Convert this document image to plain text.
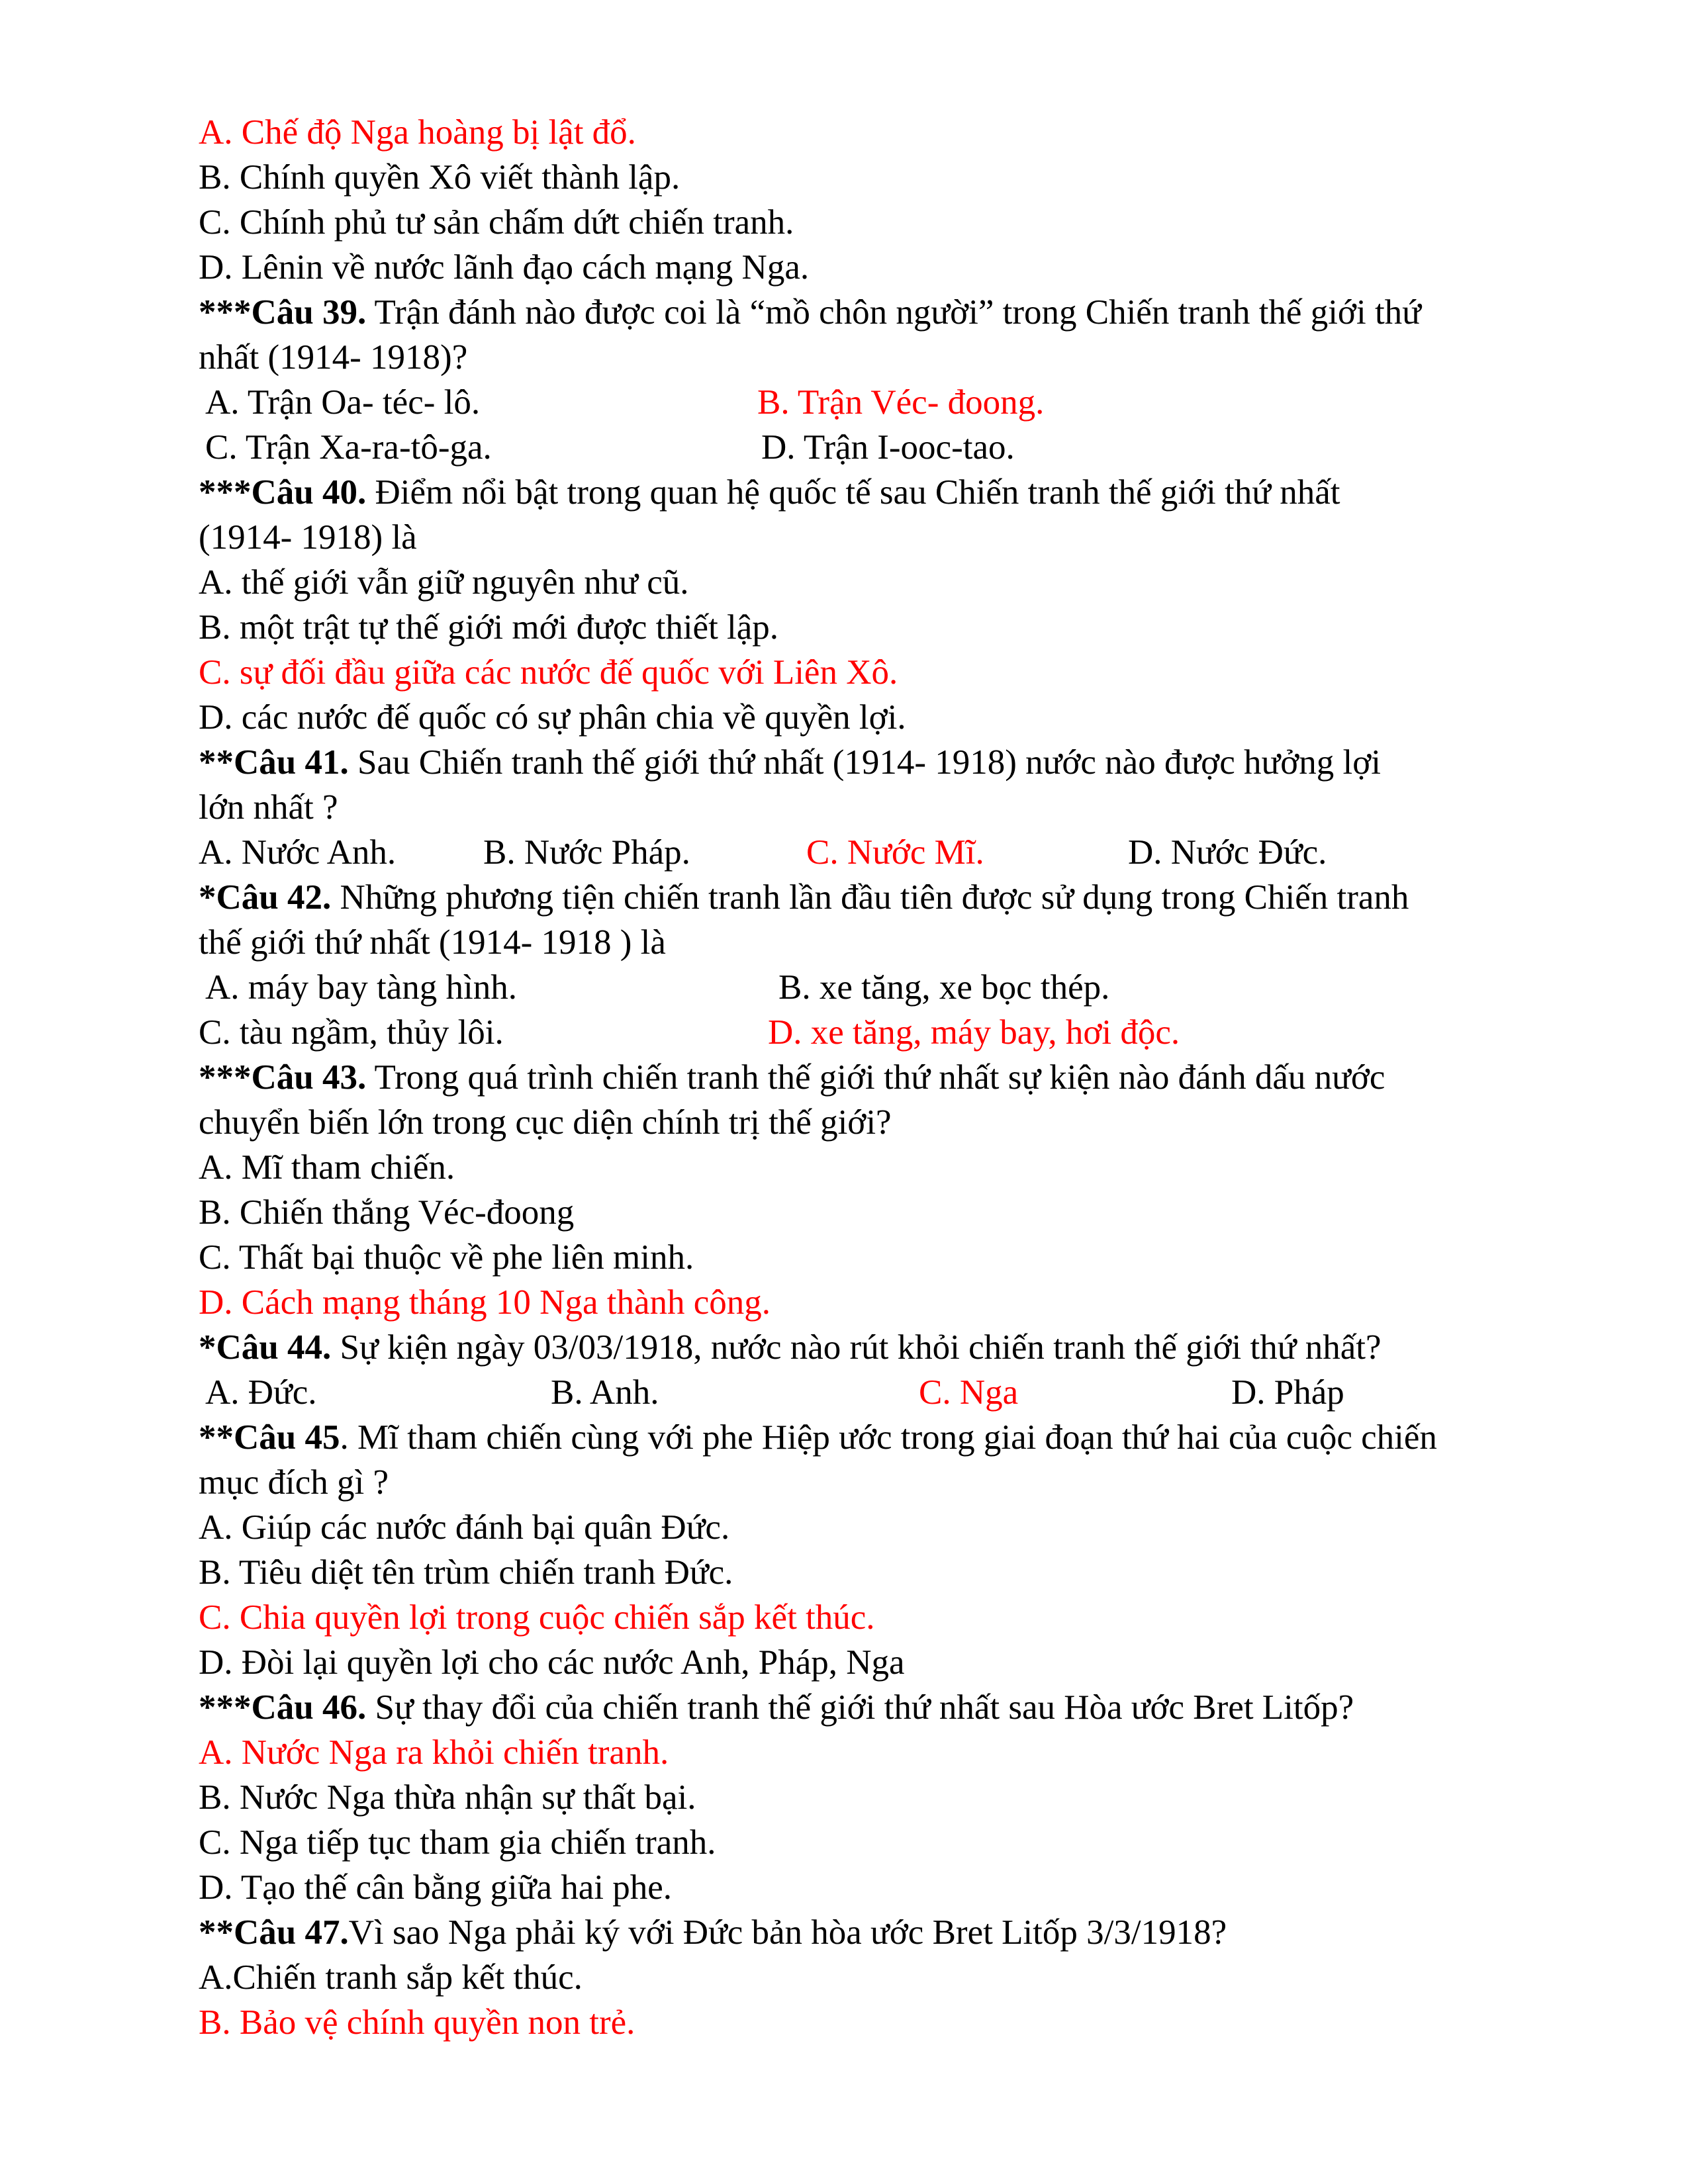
A. Chế độ Nga hoàng bị lật đổ.
B. Chính quyền Xô viết thành lập.
C. Chính phủ tư sản chấm dứt chiến tranh.
D. Lênin về nước lãnh đạo cách mạng Nga.
***Câu 39. Trận đánh nào được coi là “mồ chôn người” trong Chiến tranh thế giới thứ
nhất (1914- 1918)?
A. Trận Oa- téc- lô.	B. Trận Véc- đoong.
C. Trận Xa-ra-tô-ga.	D. Trận I-ooc-tao.
***Câu 40. Điểm nổi bật trong quan hệ quốc tế sau Chiến tranh thế giới thứ nhất
(1914- 1918) là
A. thế giới vẫn giữ nguyên như cũ.
B. một trật tự thế giới mới được thiết lập.
C. sự đối đầu giữa các nước đế quốc với Liên Xô.
D. các nước đế quốc có sự phân chia về quyền lợi.
**Câu 41. Sau Chiến tranh thế giới thứ nhất (1914- 1918) nước nào được hưởng lợi
lớn nhất ?
A. Nước Anh. B. Nước Pháp.	C. Nước Mĩ.	D. Nước Đức.
*Câu 42. Những phương tiện chiến tranh lần đầu tiên được sử dụng trong Chiến tranh
thế giới thứ nhất (1914- 1918 ) là
A. máy bay tàng hình.	B. xe tăng, xe bọc thép.
C. tàu ngầm, thủy lôi.	D. xe tăng, máy bay, hơi độc.
***Câu 43. Trong quá trình chiến tranh thế giới thứ nhất sự kiện nào đánh dấu nước
chuyển biến lớn trong cục diện chính trị thế giới?
A. Mĩ tham chiến.
B. Chiến thắng Véc-đoong
C. Thất bại thuộc về phe liên minh.
D. Cách mạng tháng 10 Nga thành công.
*Câu 44. Sự kiện ngày 03/03/1918, nước nào rút khỏi chiến tranh thế giới thứ nhất?
A. Đức.	B. Anh.	C. Nga	D. Pháp
**Câu 45. Mĩ tham chiến cùng với phe Hiệp ước trong giai đoạn thứ hai của cuộc chiến
mục đích gì ?
A. Giúp các nước đánh bại quân Đức.
B. Tiêu diệt tên trùm chiến tranh Đức.
C. Chia quyền lợi trong cuộc chiến sắp kết thúc.
D. Đòi lại quyền lợi cho các nước Anh, Pháp, Nga
***Câu 46. Sự thay đổi của chiến tranh thế giới thứ nhất sau Hòa ước Bret Litốp?
A. Nước Nga ra khỏi chiến tranh.
B. Nước Nga thừa nhận sự thất bại.
C. Nga tiếp tục tham gia chiến tranh.
D. Tạo thế cân bằng giữa hai phe.
**Câu 47.Vì sao Nga phải ký với Đức bản hòa ước Bret Litốp 3/3/1918?
A.Chiến tranh sắp kết thúc.
B. Bảo vệ chính quyền non trẻ.
